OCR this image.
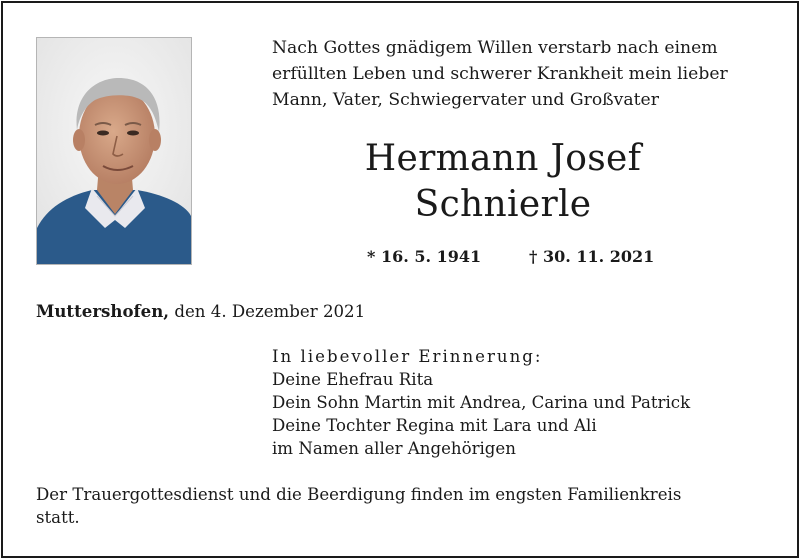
Nach Gottes gnädigem Willen verstarb nach einem
erfüllten Leben und schwerer Krankheit mein lieber
Mann, Vater, Schwiegervater und Großvater
Hermann Josef
Schnierle
* 16. 5. 1941	† 30. 11. 2021
Muttershofen, den 4. Dezember 2021
In liebevoller Erinnerung:
Deine Ehefrau Rita
Dein Sohn Martin mit Andrea, Carina und Patrick
Deine Tochter Regina mit Lara und Ali
im Namen aller Angehörigen
Der Trauergottesdienst und die Beerdigung finden im engsten Familienkreis
statt.
